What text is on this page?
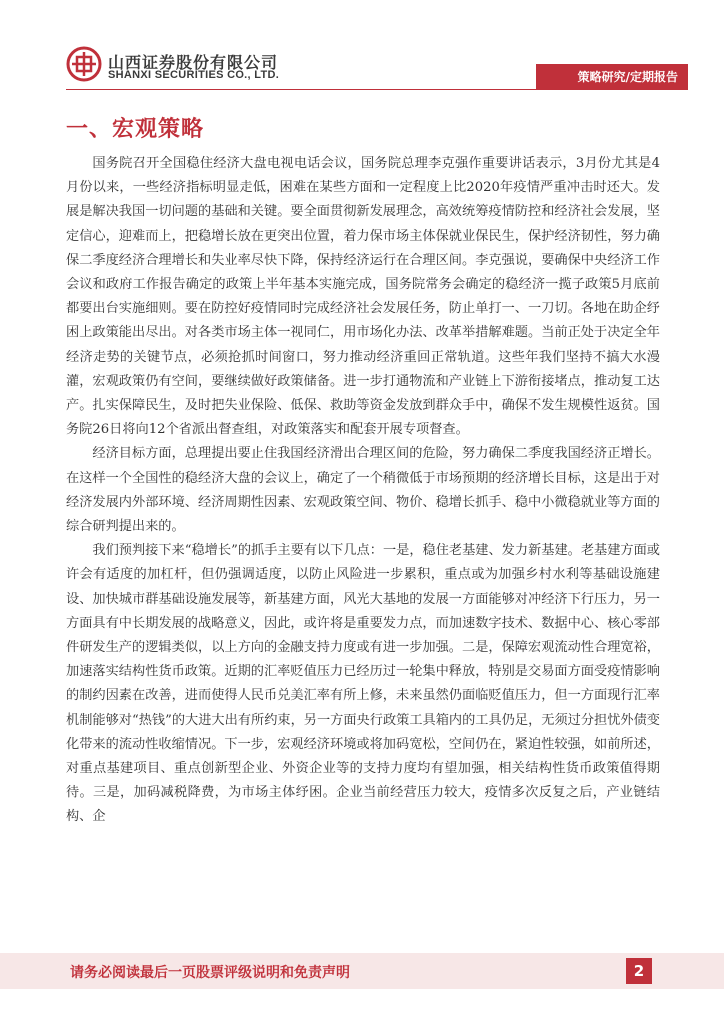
山西证券股份有限公司
SHANXI SECURITIES CO., LTD.	策略研究/定期报告
一、宏观策略

国务院召开全国稳住经济大盘电视电话会议，国务院总理李克强作重要讲话表示，3月份尤其是4月份以来，一些经济指标明显走低，困难在某些方面和一定程度上比2020年疫情严重冲击时还大。发展是解决我国一切问题的基础和关键。要全面贯彻新发展理念，高效统筹疫情防控和经济社会发展，坚定信心，迎难而上，把稳增长放在更突出位置，着力保市场主体保就业保民生，保护经济韧性，努力确保二季度经济合理增长和失业率尽快下降，保持经济运行在合理区间。李克强说，要确保中央经济工作会议和政府工作报告确定的政策上半年基本实施完成，国务院常务会确定的稳经济一揽子政策5月底前都要出台实施细则。要在防控好疫情同时完成经济社会发展任务，防止单打一、一刀切。各地在助企纾困上政策能出尽出。对各类市场主体一视同仁，用市场化办法、改革举措解难题。当前正处于决定全年经济走势的关键节点，必须抢抓时间窗口，努力推动经济重回正常轨道。这些年我们坚持不搞大水漫灌，宏观政策仍有空间，要继续做好政策储备。进一步打通物流和产业链上下游衔接堵点，推动复工达产。扎实保障民生，及时把失业保险、低保、救助等资金发放到群众手中，确保不发生规模性返贫。国务院26日将向12个省派出督查组，对政策落实和配套开展专项督查。

经济目标方面，总理提出要止住我国经济滑出合理区间的危险，努力确保二季度我国经济正增长。在这样一个全国性的稳经济大盘的会议上，确定了一个稍微低于市场预期的经济增长目标，这是出于对经济发展内外部环境、经济周期性因素、宏观政策空间、物价、稳增长抓手、稳中小微稳就业等方面的综合研判提出来的。

我们预判接下来“稳增长”的抓手主要有以下几点：一是，稳住老基建、发力新基建。老基建方面或许会有适度的加杠杆，但仍强调适度，以防止风险进一步累积，重点或为加强乡村水利等基础设施建设、加快城市群基础设施发展等，新基建方面，风光大基地的发展一方面能够对冲经济下行压力，另一方面具有中长期发展的战略意义，因此，或许将是重要发力点，而加速数字技术、数据中心、核心零部件研发生产的逻辑类似，以上方向的金融支持力度或有进一步加强。二是，保障宏观流动性合理宽裕，加速落实结构性货币政策。近期的汇率贬值压力已经历过一轮集中释放，特别是交易面方面受疫情影响的制约因素在改善，进而使得人民币兑美汇率有所上修，未来虽然仍面临贬值压力，但一方面现行汇率机制能够对“热钱”的大进大出有所约束，另一方面央行政策工具箱内的工具仍足，无须过分担忧外债变化带来的流动性收缩情况。下一步，宏观经济环境或将加码宽松，空间仍在，紧迫性较强，如前所述，对重点基建项目、重点创新型企业、外资企业等的支持力度均有望加强，相关结构性货币政策值得期待。三是，加码减税降费，为市场主体纾困。企业当前经营压力较大，疫情多次反复之后，产业链结构、企

请务必阅读最后一页股票评级说明和免责声明	2
